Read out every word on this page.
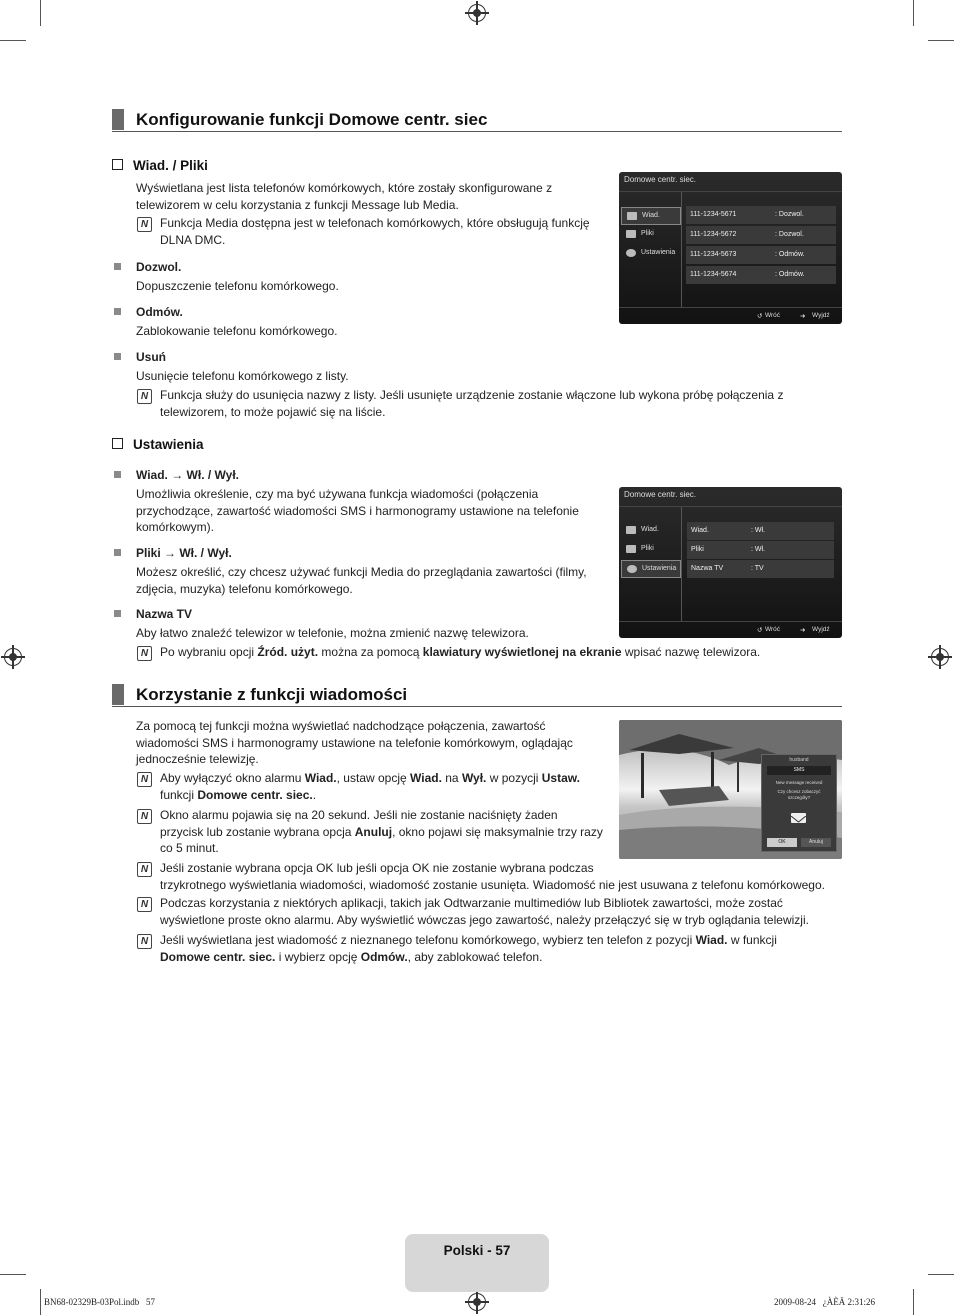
Konfigurowanie funkcji Domowe centr. siec
Wiad. / Pliki
Wyświetlana jest lista telefonów komórkowych, które zostały skonfigurowane z
telewizorem w celu korzystania z funkcji Message lub Media.
N Funkcja Media dostępna jest w telefonach komórkowych, które obsługują funkcję
DLNA DMC.
Dozwol.
Dopuszczenie telefonu komórkowego.
Odmów.
Zablokowanie telefonu komórkowego.
Usuń
Usunięcie telefonu komórkowego z listy.
N Funkcja służy do usunięcia nazwy z listy. Jeśli usunięte urządzenie zostanie włączone lub wykona próbę połączenia z
telewizorem, to może pojawić się na liście.
Domowe centr. siec.
Wiad.
Pliki
Ustawienia
111-1234-5671	: Dozwol.
111-1234-5672	: Dozwol.
111-1234-5673	: Odmów.
111-1234-5674	: Odmów.
↺ Wróć	➜ Wyjdź
Ustawienia
Wiad. → Wł. / Wył.
Umożliwia określenie, czy ma być używana funkcja wiadomości (połączenia
przychodzące, zawartość wiadomości SMS i harmonogramy ustawione na telefonie
komórkowym).
Pliki → Wł. / Wył.
Możesz określić, czy chcesz używać funkcji Media do przeglądania zawartości (filmy,
zdjęcia, muzyka) telefonu komórkowego.
Nazwa TV
Aby łatwo znaleźć telewizor w telefonie, można zmienić nazwę telewizora.
N Po wybraniu opcji Źród. użyt. można za pomocą klawiatury wyświetlonej na ekranie wpisać nazwę telewizora.
Domowe centr. siec.
Wiad.
Pliki
Ustawienia
Wiad.	: Wł.
Pliki	: Wł.
Nazwa TV	: TV
↺ Wróć	➜ Wyjdź
Korzystanie z funkcji wiadomości
Za pomocą tej funkcji można wyświetlać nadchodzące połączenia, zawartość
wiadomości SMS i harmonogramy ustawione na telefonie komórkowym, oglądając
jednocześnie telewizję.
N Aby wyłączyć okno alarmu Wiad., ustaw opcję Wiad. na Wył. w pozycji Ustaw.
funkcji Domowe centr. siec..
N Okno alarmu pojawia się na 20 sekund. Jeśli nie zostanie naciśnięty żaden
przycisk lub zostanie wybrana opcja Anuluj, okno pojawi się maksymalnie trzy razy
co 5 minut.
N Jeśli zostanie wybrana opcja OK lub jeśli opcja OK nie zostanie wybrana podczas
trzykrotnego wyświetlania wiadomości, wiadomość zostanie usunięta. Wiadomość nie jest usuwana z telefonu komórkowego.
N Podczas korzystania z niektórych aplikacji, takich jak Odtwarzanie multimediów lub Bibliotek zawartości, może zostać
wyświetlone proste okno alarmu. Aby wyświetlić wówczas jego zawartość, należy przełączyć się w tryb oglądania telewizji.
N Jeśli wyświetlana jest wiadomość z nieznanego telefonu komórkowego, wybierz ten telefon z pozycji Wiad. w funkcji
Domowe centr. siec. i wybierz opcję Odmów., aby zablokować telefon.
husband
SMS
New message received
Czy chcesz zobaczyć
szczegóły?
OK	Anuluj
Polski - 57
BN68-02329B-03Pol.indb   57	2009-08-24   ¿ÀÈÄ 2:31:26
